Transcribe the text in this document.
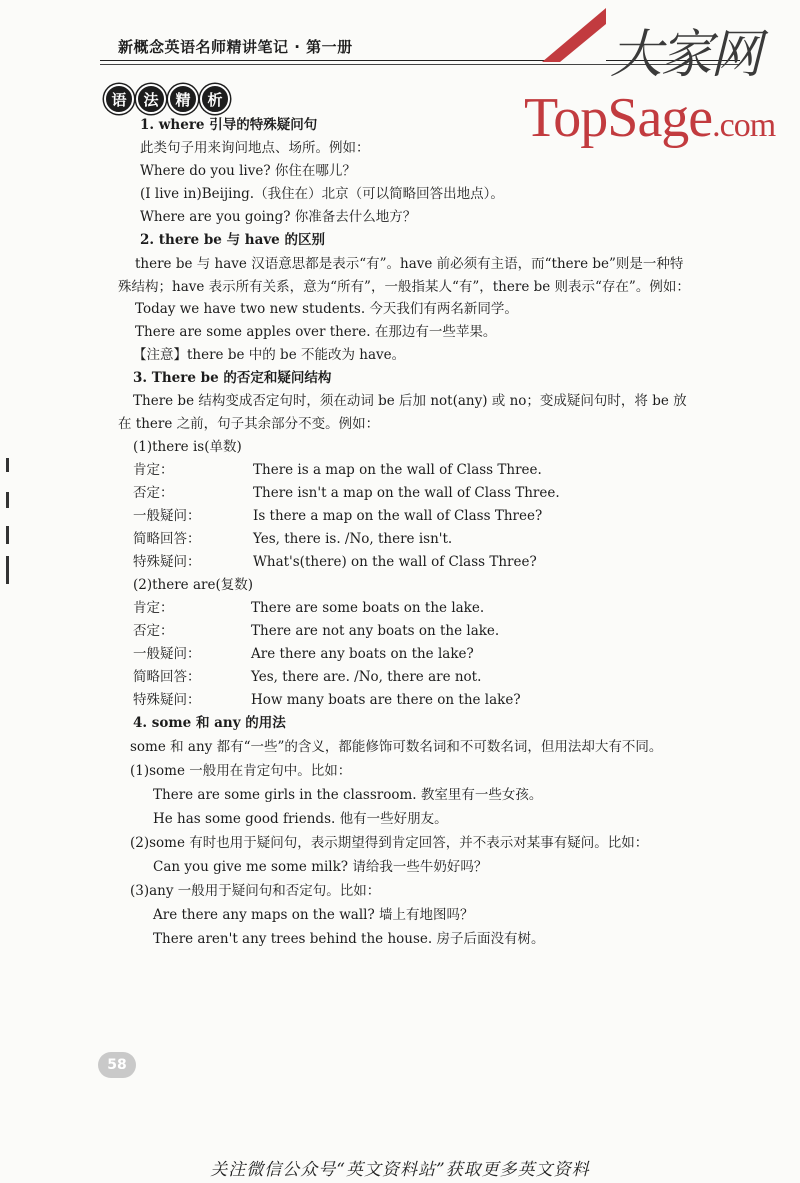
新概念英语名师精讲笔记 · 第一册	大家网
TopSage.com
语	法	精	析
1. where 引导的特殊疑问句
此类句子用来询问地点、场所。例如：
Where do you live? 你住在哪儿？
(I live in)Beijing.（我住在）北京（可以简略回答出地点）。
Where are you going? 你准备去什么地方？
2. there be 与 have 的区别
there be 与 have 汉语意思都是表示“有”。have 前必须有主语，而“there be”则是一种特
殊结构；have 表示所有关系，意为“所有”，一般指某人“有”，there be 则表示“存在”。例如：
Today we have two new students. 今天我们有两名新同学。
There are some apples over there. 在那边有一些苹果。
【注意】there be 中的 be 不能改为 have。
3. There be 的否定和疑问结构
There be 结构变成否定句时，须在动词 be 后加 not(any) 或 no；变成疑问句时，将 be 放
在 there 之前，句子其余部分不变。例如：
(1)there is(单数)
肯定：	There is a map on the wall of Class Three.
否定：	There isn't a map on the wall of Class Three.
一般疑问：	Is there a map on the wall of Class Three?
简略回答：	Yes, there is. /No, there isn't.
特殊疑问：	What's(there) on the wall of Class Three?
(2)there are(复数)
肯定：	There are some boats on the lake.
否定：	There are not any boats on the lake.
一般疑问：	Are there any boats on the lake?
简略回答：	Yes, there are. /No, there are not.
特殊疑问：	How many boats are there on the lake?
4. some 和 any 的用法
some 和 any 都有“一些”的含义，都能修饰可数名词和不可数名词，但用法却大有不同。
(1)some 一般用在肯定句中。比如：
There are some girls in the classroom. 教室里有一些女孩。
He has some good friends. 他有一些好朋友。
(2)some 有时也用于疑问句，表示期望得到肯定回答，并不表示对某事有疑问。比如：
Can you give me some milk? 请给我一些牛奶好吗？
(3)any 一般用于疑问句和否定句。比如：
Are there any maps on the wall? 墙上有地图吗？
There aren't any trees behind the house. 房子后面没有树。
58
关注微信公众号“英文资料站”获取更多英文资料
